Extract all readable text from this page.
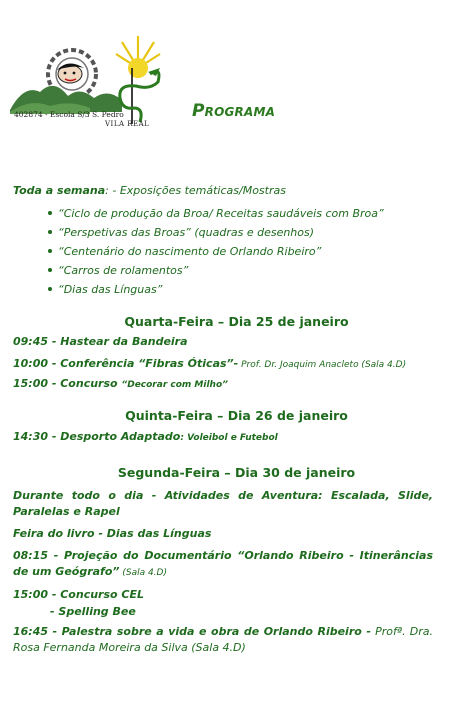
402874 - Escola S/3 S. Pedro
VILA REAL
Programa
Toda a semana: - Exposições temáticas/Mostras
“Ciclo de produção da Broa/ Receitas saudáveis com Broa”
“Perspetivas das Broas” (quadras e desenhos)
“Centenário do nascimento de Orlando Ribeiro”
“Carros de rolamentos”
“Dias das Línguas”
Quarta-Feira – Dia 25 de janeiro
09:45 - Hastear da Bandeira
10:00 - Conferência “Fibras Óticas”- Prof. Dr. Joaquim Anacleto (Sala 4.D)
15:00 - Concurso “Decorar com Milho”
Quinta-Feira – Dia 26 de janeiro
14:30 - Desporto Adaptado: Voleibol e Futebol
Segunda-Feira – Dia 30 de janeiro
Durante todo o dia - Atividades de Aventura: Escalada, Slide, Paralelas e Rapel
Feira do livro - Dias das Línguas
08:15 - Projeção do Documentário “Orlando Ribeiro - Itinerâncias de um Geógrafo” (Sala 4.D)
15:00 - Concurso CEL
- Spelling Bee
16:45 - Palestra sobre a vida e obra de Orlando Ribeiro - Profª. Dra. Rosa Fernanda Moreira da Silva (Sala 4.D)
